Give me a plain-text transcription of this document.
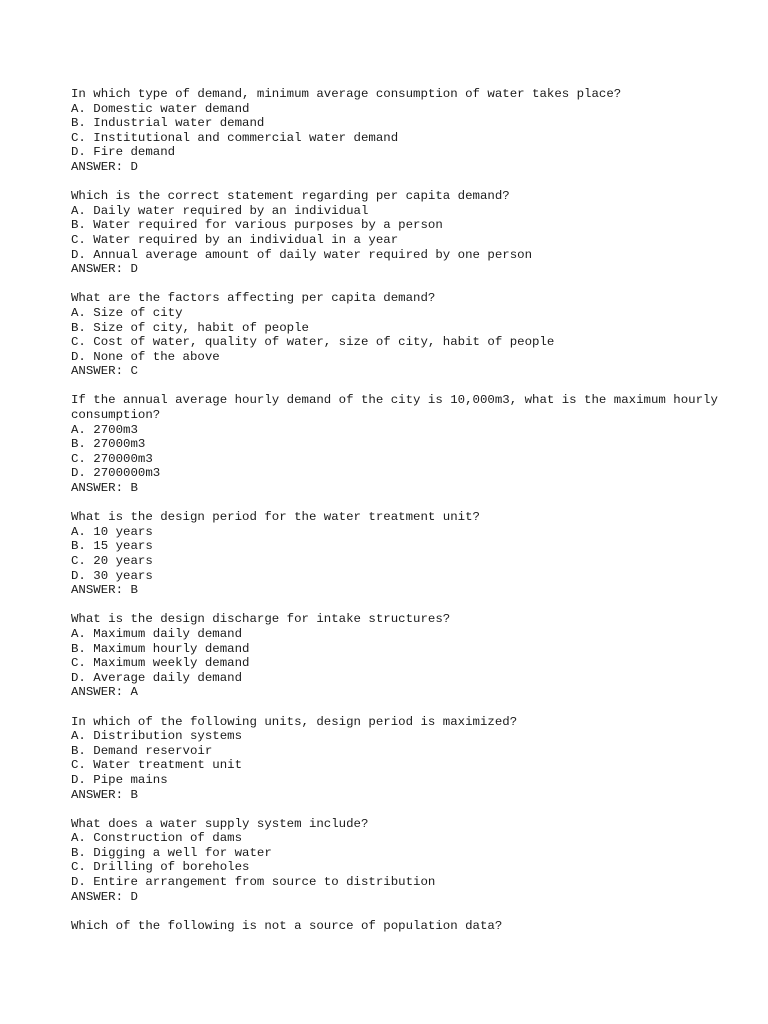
In which type of demand, minimum average consumption of water takes place?
A. Domestic water demand
B. Industrial water demand
C. Institutional and commercial water demand
D. Fire demand
ANSWER: D
Which is the correct statement regarding per capita demand?
A. Daily water required by an individual
B. Water required for various purposes by a person
C. Water required by an individual in a year
D. Annual average amount of daily water required by one person
ANSWER: D
What are the factors affecting per capita demand?
A. Size of city
B. Size of city, habit of people
C. Cost of water, quality of water, size of city, habit of people
D. None of the above
ANSWER: C
If the annual average hourly demand of the city is 10,000m3, what is the maximum hourly consumption?
A. 2700m3
B. 27000m3
C. 270000m3
D. 2700000m3
ANSWER: B
What is the design period for the water treatment unit?
A. 10 years
B. 15 years
C. 20 years
D. 30 years
ANSWER: B
What is the design discharge for intake structures?
A. Maximum daily demand
B. Maximum hourly demand
C. Maximum weekly demand
D. Average daily demand
ANSWER: A
In which of the following units, design period is maximized?
A. Distribution systems
B. Demand reservoir
C. Water treatment unit
D. Pipe mains
ANSWER: B
What does a water supply system include?
A. Construction of dams
B. Digging a well for water
C. Drilling of boreholes
D. Entire arrangement from source to distribution
ANSWER: D
Which of the following is not a source of population data?
